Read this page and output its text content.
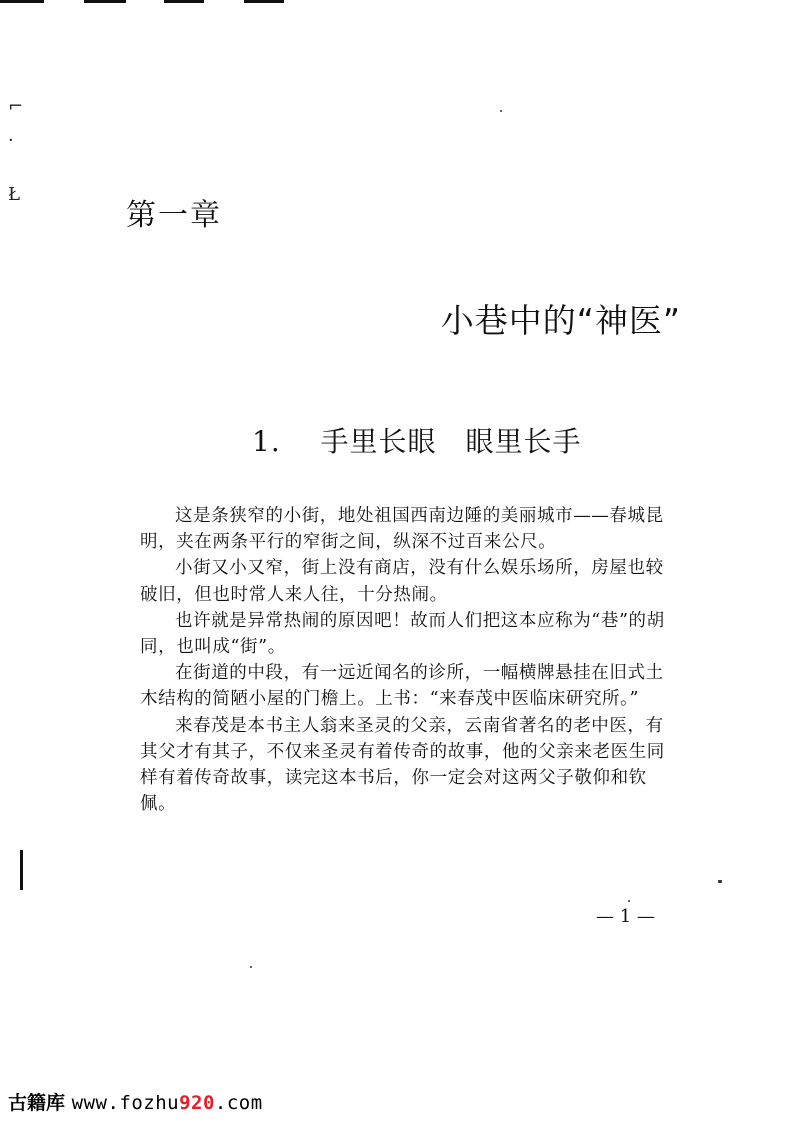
⌐
·
Ł
第一章
小巷中的“神医”
1. 手里长眼　眼里长手

这是条狭窄的小街，地处祖国西南边陲的美丽城市——春城昆明，夹在两条平行的窄街之间，纵深不过百来公尺。

小街又小又窄，街上没有商店，没有什么娱乐场所，房屋也较破旧，但也时常人来人往，十分热闹。

也许就是异常热闹的原因吧！故而人们把这本应称为“巷”的胡同，也叫成“街”。

在街道的中段，有一远近闻名的诊所，一幅横牌悬挂在旧式土木结构的简陋小屋的门檐上。上书：“来春茂中医临床研究所。”

来春茂是本书主人翁来圣灵的父亲，云南省著名的老中医，有其父才有其子，不仅来圣灵有着传奇的故事，他的父亲来老医生同样有着传奇故事，读完这本书后，你一定会对这两父子敬仰和钦佩。

— 1 —
古籍库 www.fozhu920.com
